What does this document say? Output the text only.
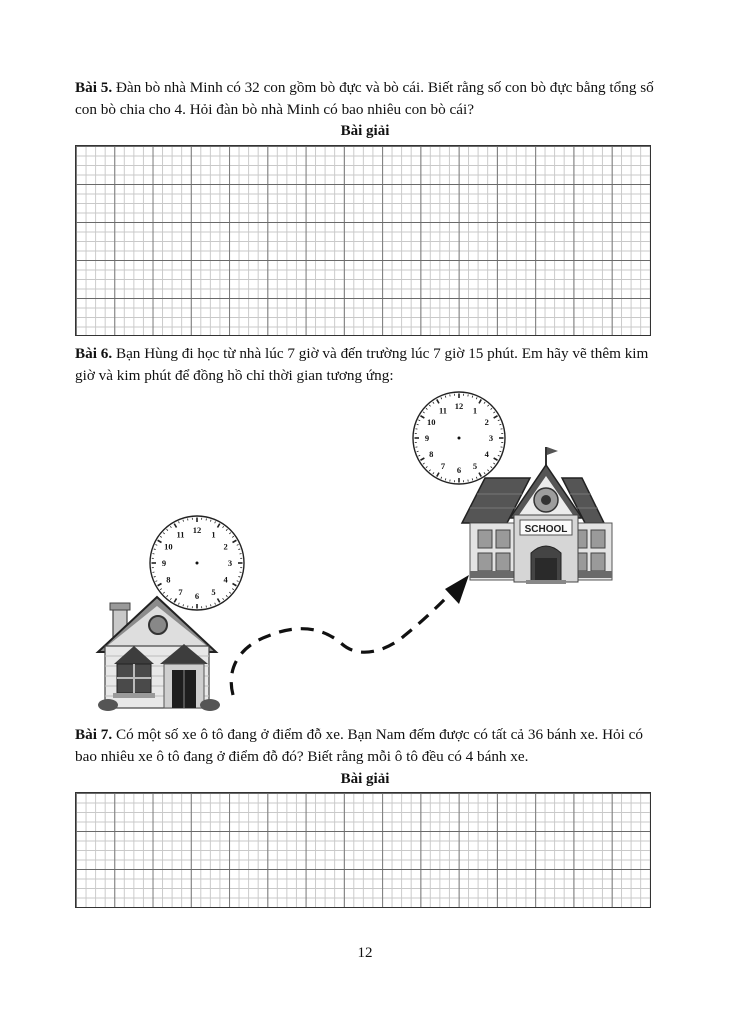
Bài 5. Đàn bò nhà Minh có 32 con gồm bò đực và bò cái. Biết rằng số con bò đực bằng tổng số con bò chia cho 4. Hỏi đàn bò nhà Minh có bao nhiêu con bò cái?

Bài giải

Bài 6. Bạn Hùng đi học từ nhà lúc 7 giờ và đến trường lúc 7 giờ 15 phút. Em hãy vẽ thêm kim giờ và kim phút để đồng hồ chỉ thời gian tương ứng:

SCHOOL
12 1
2
3
4
5
6
7
8
9
10
11
12 1
2
3
4
5
6
7
8
9
10
11

Bài 7. Có một số xe ô tô đang ở điểm đỗ xe. Bạn Nam đếm được có tất cả 36 bánh xe. Hỏi có bao nhiêu xe ô tô đang ở điểm đỗ đó? Biết rằng mỗi ô tô đều có 4 bánh xe.

Bài giải
12
